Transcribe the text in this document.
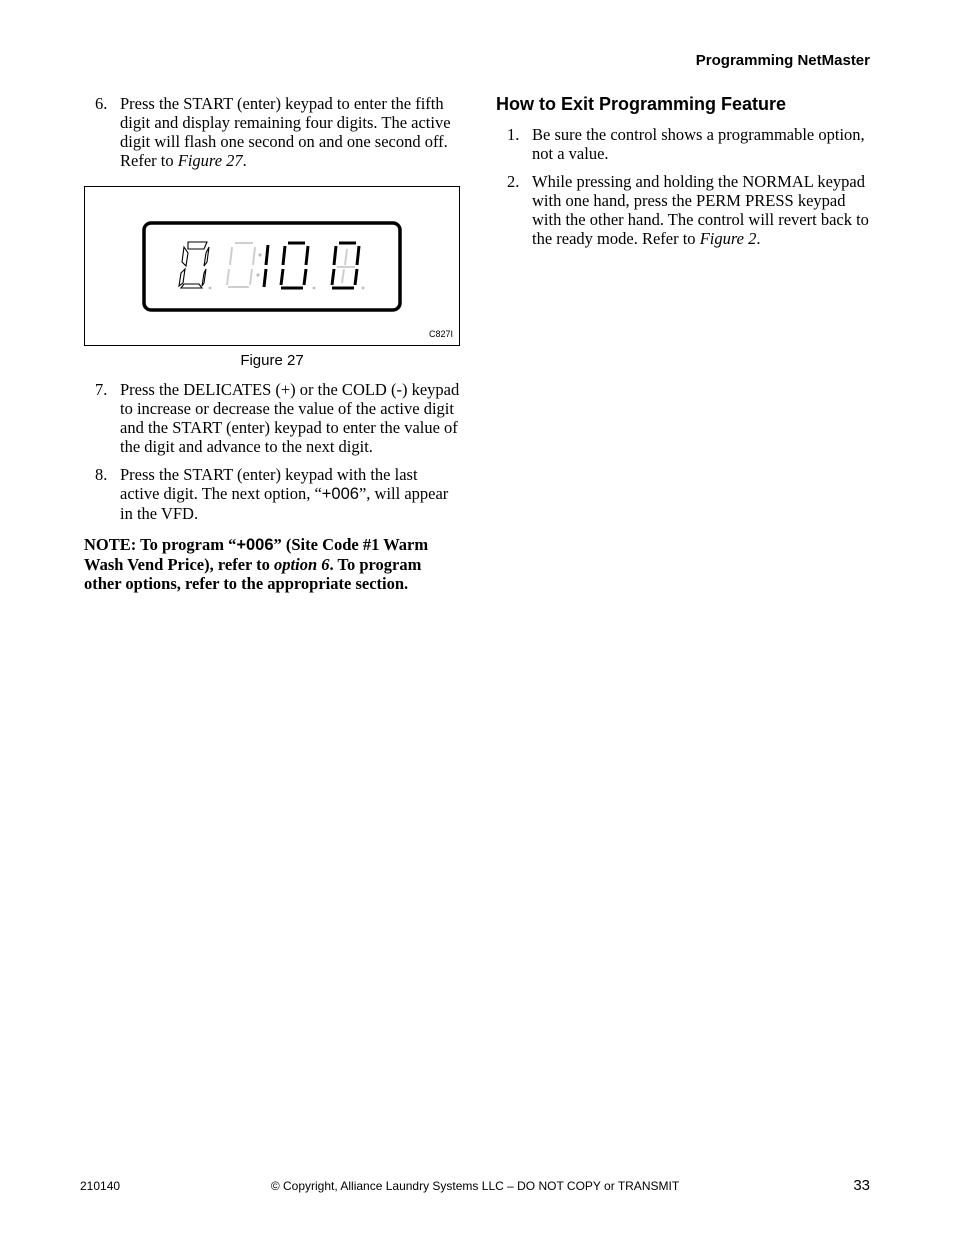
Programming NetMaster
6. Press the START (enter) keypad to enter the fifth digit and display remaining four digits. The active digit will flash one second on and one second off. Refer to Figure 27.
C827I
Figure 27
7. Press the DELICATES (+) or the COLD (-) keypad to increase or decrease the value of the active digit and the START (enter) keypad to enter the value of the digit and advance to the next digit.
8. Press the START (enter) keypad with the last active digit. The next option, “+006”, will appear in the VFD.
NOTE: To program “+006” (Site Code #1 Warm Wash Vend Price), refer to option 6. To program other options, refer to the appropriate section.
How to Exit Programming Feature
1. Be sure the control shows a programmable option, not a value.
2. While pressing and holding the NORMAL keypad with one hand, press the PERM PRESS keypad with the other hand. The control will revert back to the ready mode. Refer to Figure 2.
210140	© Copyright, Alliance Laundry Systems LLC – DO NOT COPY or TRANSMIT	33
